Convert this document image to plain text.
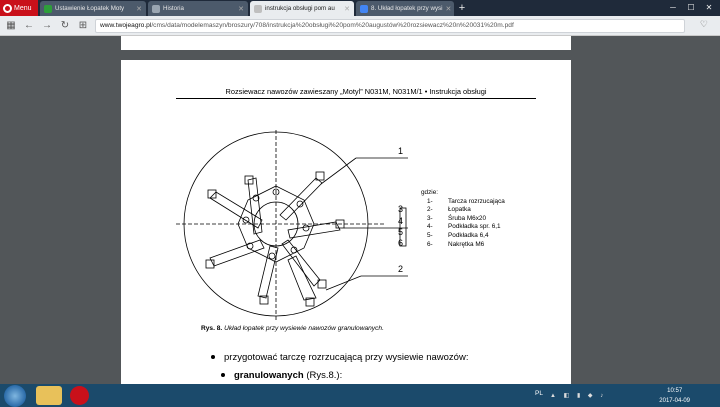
Menu	Ustawienie Łopatek Moty ✕	Historia	✕	instrukcja obsługi pom au ✕	8. Układ łopatek przy wysi ✕ +	─	☐	✕
▦ ← → ↻ ⊞	www.twojeagro.pl/cms/data/modelemaszyn/broszury/708/instrukcja%20obsługi%20pom%20augustów%20rozsiewacz%20n%20031%20m.pdf	♡
Rozsiewacz nawozów zawieszany „Motyl” N031M, N031M/1 • Instrukcja obsługi
1
3
4
5
6
2
gdzie:
1-	Tarcza rozrzucająca
2-	Łopatka
3-	Śruba M6x20
4-	Podkładka spr. 6,1
5-	Podkładka 6,4
6-	Nakrętka M6
Rys. 8. Układ łopatek przy wysiewie nawozów granulowanych.
przygotować tarczę rozrzucającą przy wysiewie nawozów:
granulowanych (Rys.8.):
PL ▲ ◧ ▮ ◆ ♪
10:57
2017-04-09
